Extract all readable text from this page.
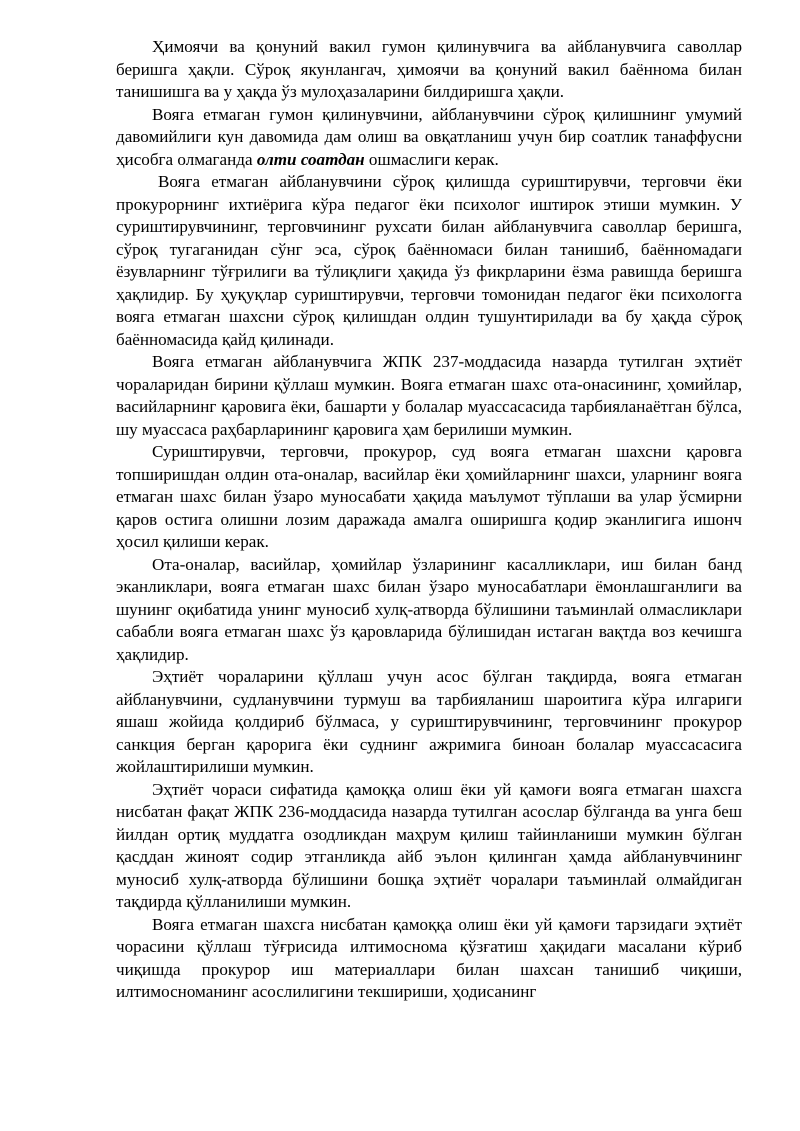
Ҳимоячи ва қонуний вакил гумон қилинувчига ва айбланувчига саволлар беришга ҳақли. Сўроқ якунлангач, ҳимоячи ва қонуний вакил баённома билан танишишга ва у ҳақда ўз мулоҳазаларини билдиришга ҳақли.

Вояга етмаган гумон қилинувчини, айбланувчини сўроқ қилишнинг умумий давомийлиги кун давомида дам олиш ва овқатланиш учун бир соатлик танаффусни ҳисобга олмаганда олти соатдан ошмаслиги керак.

Вояга етмаган айбланувчини сўроқ қилишда суриштирувчи, терговчи ёки прокурорнинг ихтиёрига кўра педагог ёки психолог иштирок этиши мумкин. У суриштирувчининг, терговчининг рухсати билан айбланувчига саволлар беришга, сўроқ тугаганидан сўнг эса, сўроқ баённомаси билан танишиб, баённомадаги ёзувларнинг тўғрилиги ва тўлиқлиги ҳақида ўз фикрларини ёзма равишда беришга ҳақлидир. Бу ҳуқуқлар суриштирувчи, терговчи томонидан педагог ёки психологга вояга етмаган шахсни сўроқ қилишдан олдин тушунтирилади ва бу ҳақда сўроқ баённомасида қайд қилинади.

Вояга етмаган айбланувчига ЖПК 237-моддасида назарда тутилган эҳтиёт чораларидан бирини қўллаш мумкин. Вояга етмаган шахс ота-онасининг, ҳомийлар, васийларнинг қаровига ёки, башарти у болалар муассасасида тарбияланаётган бўлса, шу муассаса раҳбарларининг қаровига ҳам берилиши мумкин.

Суриштирувчи, терговчи, прокурор, суд вояга етмаган шахсни қаровга топширишдан олдин ота-оналар, васийлар ёки ҳомийларнинг шахси, уларнинг вояга етмаган шахс билан ўзаро муносабати ҳақида маълумот тўплаши ва улар ўсмирни қаров остига олишни лозим даражада амалга оширишга қодир эканлигига ишонч ҳосил қилиши керак.

Ота-оналар, васийлар, ҳомийлар ўзларининг касалликлари, иш билан банд эканликлари, вояга етмаган шахс билан ўзаро муносабатлари ёмонлашганлиги ва шунинг оқибатида унинг муносиб хулқ-атворда бўлишини таъминлай олмасликлари сабабли вояга етмаган шахс ўз қаровларида бўлишидан истаган вақтда воз кечишга ҳақлидир.

Эҳтиёт чораларини қўллаш учун асос бўлган тақдирда, вояга етмаган айбланувчини, судланувчини турмуш ва тарбияланиш шароитига кўра илгариги яшаш жойида қолдириб бўлмаса, у суриштирувчининг, терговчининг прокурор санкция берган қарорига ёки суднинг ажримига биноан болалар муассасасига жойлаштирилиши мумкин.

Эҳтиёт чораси сифатида қамоққа олиш ёки уй қамоғи вояга етмаган шахсга нисбатан фақат ЖПК 236-моддасида назарда тутилган асослар бўлганда ва унга беш йилдан ортиқ муддатга озодликдан маҳрум қилиш тайинланиши мумкин бўлган қасддан жиноят содир этганликда айб эълон қилинган ҳамда айбланувчининг муносиб хулқ-атворда бўлишини бошқа эҳтиёт чоралари таъминлай олмайдиган тақдирда қўлланилиши мумкин.

Вояга етмаган шахсга нисбатан қамоққа олиш ёки уй қамоғи тарзидаги эҳтиёт чорасини қўллаш тўғрисида илтимоснома қўзғатиш ҳақидаги масалани кўриб чиқишда прокурор иш материаллари билан шахсан танишиб чиқиши, илтимосноманинг асослилигини текшириши, ҳодисанинг
